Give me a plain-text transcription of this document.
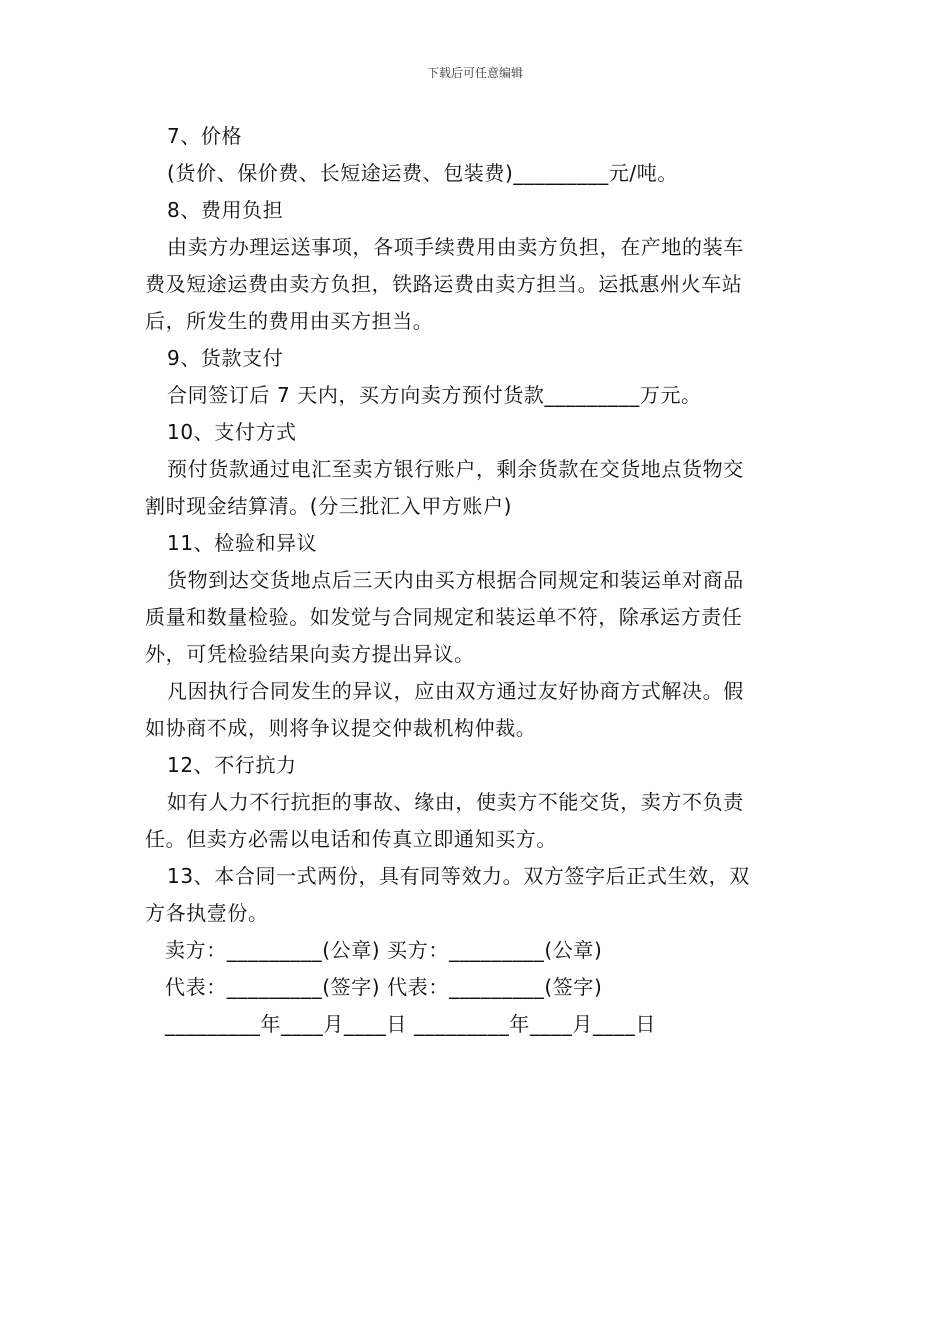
下载后可任意编辑
7、价格
(货价、保价费、长短途运费、包装费)_________元/吨。
8、费用负担
由卖方办理运送事项，各项手续费用由卖方负担，在产地的装车
费及短途运费由卖方负担，铁路运费由卖方担当。运抵惠州火车站
后，所发生的费用由买方担当。
9、货款支付
合同签订后 7 天内，买方向卖方预付货款_________万元。
10、支付方式
预付货款通过电汇至卖方银行账户，剩余货款在交货地点货物交
割时现金结算清。(分三批汇入甲方账户)
11、检验和异议
货物到达交货地点后三天内由买方根据合同规定和装运单对商品
质量和数量检验。如发觉与合同规定和装运单不符，除承运方责任
外，可凭检验结果向卖方提出异议。
凡因执行合同发生的异议，应由双方通过友好协商方式解决。假
如协商不成，则将争议提交仲裁机构仲裁。
12、不行抗力
如有人力不行抗拒的事故、缘由，使卖方不能交货，卖方不负责
任。但卖方必需以电话和传真立即通知买方。
13、本合同一式两份，具有同等效力。双方签字后正式生效，双
方各执壹份。
卖方：_________(公章) 买方：_________(公章)
代表：_________(签字) 代表：_________(签字)
_________年____月____日 _________年____月____日
